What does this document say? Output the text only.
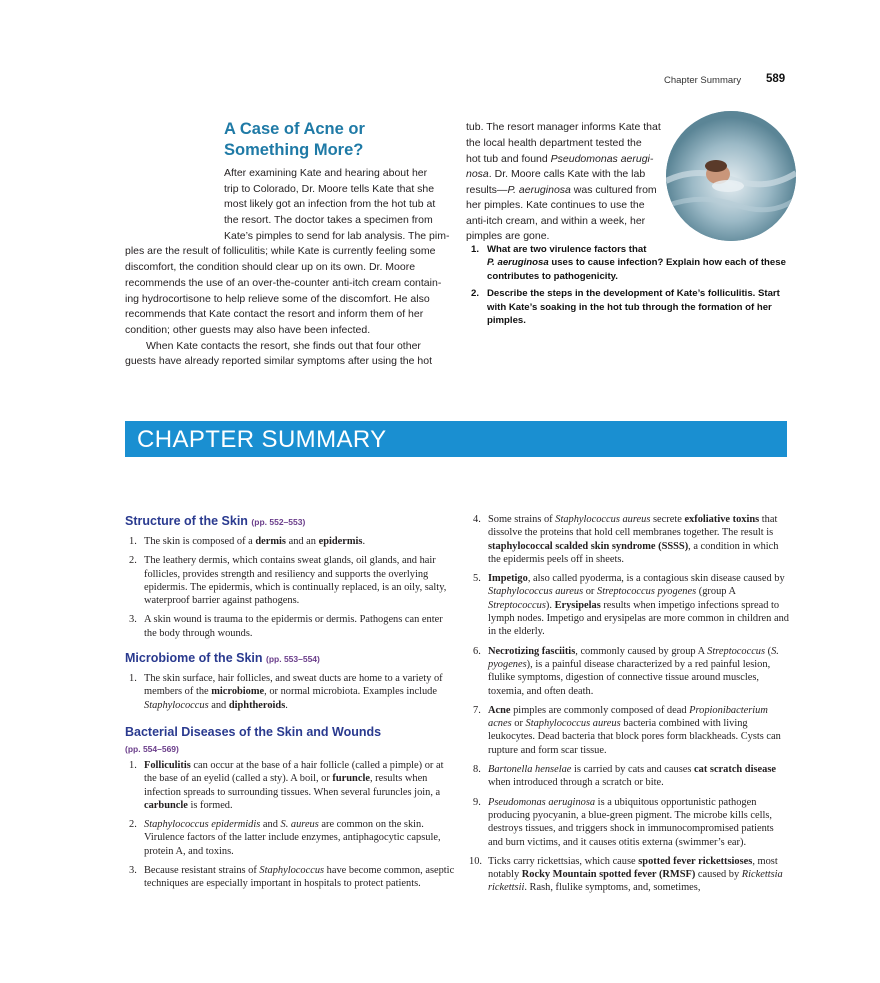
Chapter Summary 589
A Case of Acne or
Something More?
After examining Kate and hearing about her
trip to Colorado, Dr. Moore tells Kate that she
most likely got an infection from the hot tub at
the resort. The doctor takes a specimen from
Kate’s pimples to send for lab analysis. The pim-
ples are the result of folliculitis; while Kate is currently feeling some
discomfort, the condition should clear up on its own. Dr. Moore
recommends the use of an over-the-counter anti-itch cream contain-
ing hydrocortisone to help relieve some of the discomfort. He also
recommends that Kate contact the resort and inform them of her
condition; other guests may also have been infected.
When Kate contacts the resort, she finds out that four other
guests have already reported similar symptoms after using the hot
tub. The resort manager informs Kate that
the local health department tested the
hot tub and found Pseudomonas aerugi-
nosa. Dr. Moore calls Kate with the lab
results—P. aeruginosa was cultured from
her pimples. Kate continues to use the
anti-itch cream, and within a week, her
pimples are gone.
1. What are two virulence factors that
P. aeruginosa uses to cause infection? Explain how each of these contributes to pathogenicity.
2. Describe the steps in the development of Kate’s folliculitis. Start with Kate’s soaking in the hot tub through the formation of her pimples.
CHAPTER SUMMARY
Structure of the Skin (pp. 552–553)
1. The skin is composed of a dermis and an epidermis.
2. The leathery dermis, which contains sweat glands, oil glands, and hair follicles, provides strength and resiliency and supports the overlying epidermis. The epidermis, which is continually replaced, is an oily, salty, waterproof barrier against pathogens.
3. A skin wound is trauma to the epidermis or dermis. Pathogens can enter the body through wounds.
Microbiome of the Skin (pp. 553–554)
1. The skin surface, hair follicles, and sweat ducts are home to a variety of members of the microbiome, or normal microbiota. Examples include Staphylococcus and diphtheroids.
Bacterial Diseases of the Skin and Wounds
(pp. 554–569)
1. Folliculitis can occur at the base of a hair follicle (called a pimple) or at the base of an eyelid (called a sty). A boil, or furuncle, results when infection spreads to surrounding tissues. When several furuncles join, a carbuncle is formed.
2. Staphylococcus epidermidis and S. aureus are common on the skin. Virulence factors of the latter include enzymes, antiphagocytic capsule, protein A, and toxins.
3. Because resistant strains of Staphylococcus have become common, aseptic techniques are especially important in hospitals to protect patients.
4. Some strains of Staphylococcus aureus secrete exfoliative toxins that dissolve the proteins that hold cell membranes together. The result is staphylococcal scalded skin syndrome (SSSS), a condition in which the epidermis peels off in sheets.
5. Impetigo, also called pyoderma, is a contagious skin disease caused by Staphylococcus aureus or Streptococcus pyogenes (group A Streptococcus). Erysipelas results when impetigo infections spread to lymph nodes. Impetigo and erysipelas are more common in children and in the elderly.
6. Necrotizing fasciitis, commonly caused by group A Streptococcus (S. pyogenes), is a painful disease characterized by a red painful lesion, flulike symptoms, digestion of connective tissue around muscles, toxemia, and often death.
7. Acne pimples are commonly composed of dead Propionibacterium acnes or Staphylococcus aureus bacteria combined with living leukocytes. Dead bacteria that block pores form blackheads. Cysts can rupture and form scar tissue.
8. Bartonella henselae is carried by cats and causes cat scratch disease when introduced through a scratch or bite.
9. Pseudomonas aeruginosa is a ubiquitous opportunistic pathogen producing pyocyanin, a blue-green pigment. The microbe kills cells, destroys tissues, and triggers shock in immunocompromised patients and burn victims, and it causes otitis externa (swimmer’s ear).
10. Ticks carry rickettsias, which cause spotted fever rickettsioses, most notably Rocky Mountain spotted fever (RMSF) caused by Rickettsia rickettsii. Rash, flulike symptoms, and, sometimes,
